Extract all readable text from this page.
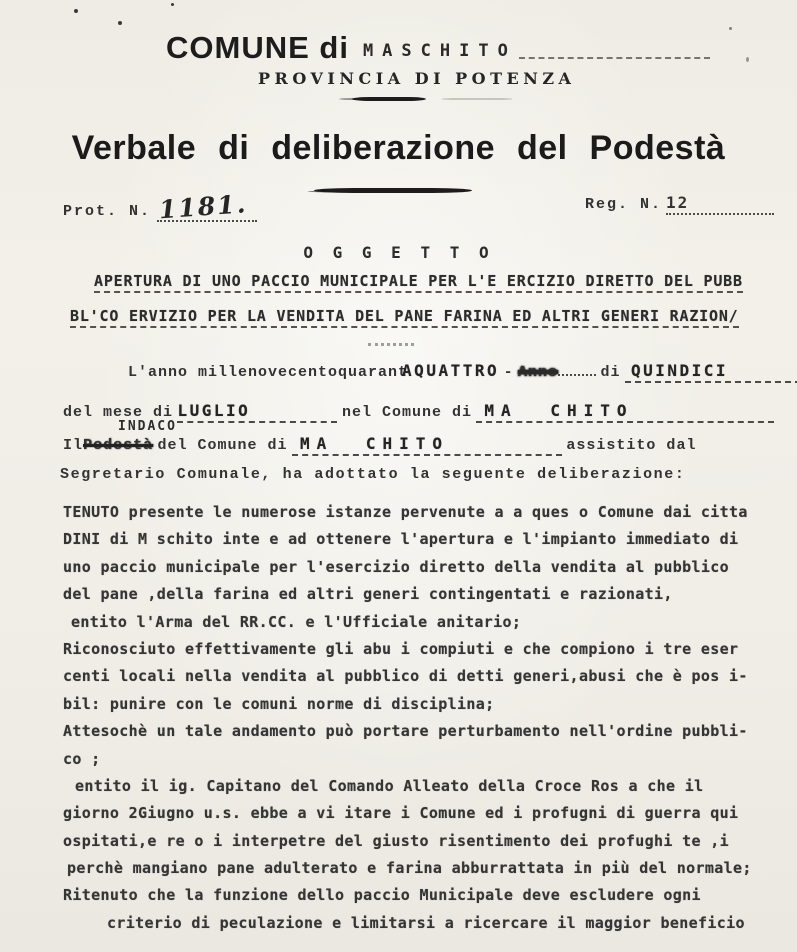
COMUNE di MASCHITO
PROVINCIA DI POTENZA
Verbale di deliberazione del Podestà
Prot. N. 1181.	Reg. N. 12
O G G E T T O
APERTURA DI UNO PACCIO MUNICIPALE PER L'E ERCIZIO DIRETTO DEL PUBB
BL'CO ERVIZIO PER LA VENDITA DEL PANE FARINA ED ALTRI GENERI RAZION/
L'anno millenovecentoquarantAQUATTRO - Anno	di QUINDICI
del mese di LUGLIO	nel Comune di MA CHITO
INDACO
IlPodestà del Comune di MA CHITO	assistito dal
Segretario Comunale, ha adottato la seguente deliberazione:
TENUTO presente le numerose istanze pervenute a a ques o Comune dai citta
DINI di M schito inte e ad ottenere l'apertura e l'impianto immediato di
uno paccio municipale per l'esercizio diretto della vendita al pubblico
del pane ,della farina ed altri generi contingentati e razionati,
entito l'Arma del RR.CC. e l'Ufficiale anitario;
Riconosciuto effettivamente gli abu i compiuti e che compiono i tre eser
centi locali nella vendita al pubblico di detti generi,abusi che è pos i-
bil: punire con le comuni norme di disciplina;
Attesochè un tale andamento può portare perturbamento nell'ordine pubbli-
co ;
entito il ig. Capitano del Comando Alleato della Croce Ros a che il
giorno 2Giugno u.s. ebbe a vi itare i Comune ed i profugni di guerra qui
ospitati,e re o i interpetre del giusto risentimento dei profughi te ,i
perchè mangiano pane adulterato e farina abburrattata in più del normale;
Ritenuto che la funzione dello paccio Municipale deve escludere ogni
criterio di peculazione e limitarsi a ricercare il maggior beneficio
